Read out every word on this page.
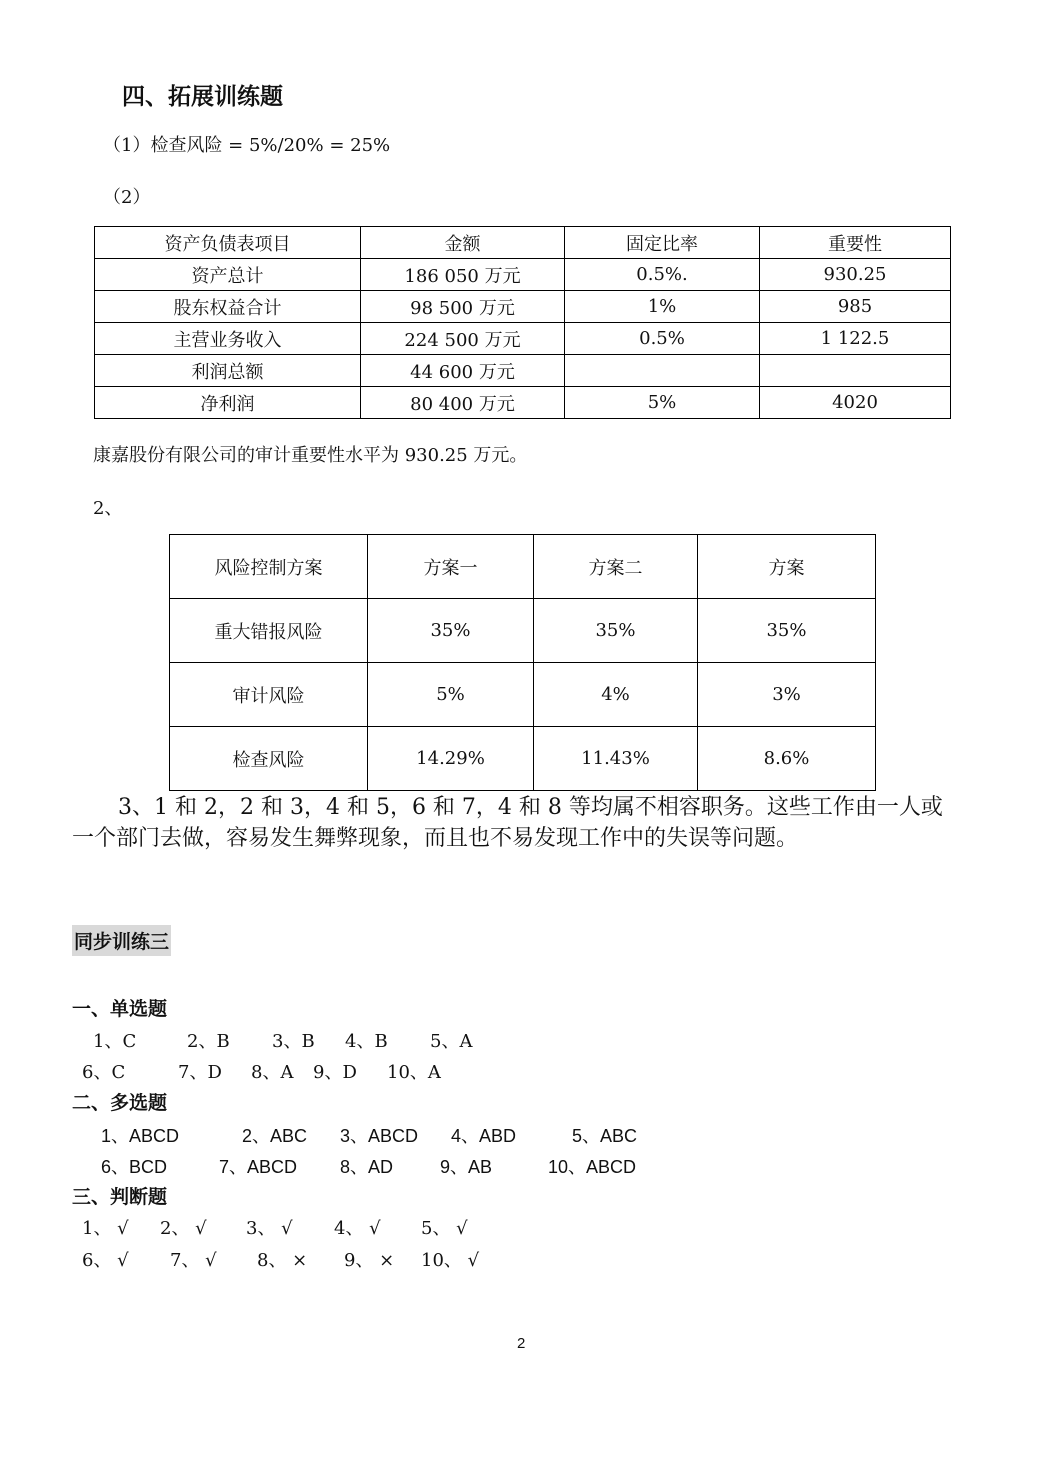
四、拓展训练题
（1）检查风险 = 5%/20% = 25%
（2）
资产负债表项目	金额	固定比率	重要性
资产总计	186 050 万元	0.5%.	930.25
股东权益合计	98 500 万元	1%	985
主营业务收入	224 500 万元	0.5%	1 122.5
利润总额	44 600 万元		
净利润	80 400 万元	5%	4020
康嘉股份有限公司的审计重要性水平为 930.25 万元。
2、
风险控制方案	方案一	方案二	方案
重大错报风险	35%	35%	35%
审计风险	5%	4%	3%
检查风险	14.29%	11.43%	8.6%
3、1 和 2，2 和 3，4 和 5，6 和 7，4 和 8 等均属不相容职务。这些工作由一人或
一个部门去做，容易发生舞弊现象，而且也不易发现工作中的失误等问题。
同步训练三
一、单选题
1、C	2、B 3、B 4、B 5、A
6、C	7、D 8、A 9、D 10、A
二、多选题
1、ABCD	2、ABC 3、ABCD 4、ABD	5、ABC
6、BCD	7、ABCD 8、AD	9、AB	10、ABCD
三、判断题
1、 √ 2、 √ 3、 √ 4、 √ 5、 √
6、 √ 7、 √ 8、 × 9、 × 10、 √
2
